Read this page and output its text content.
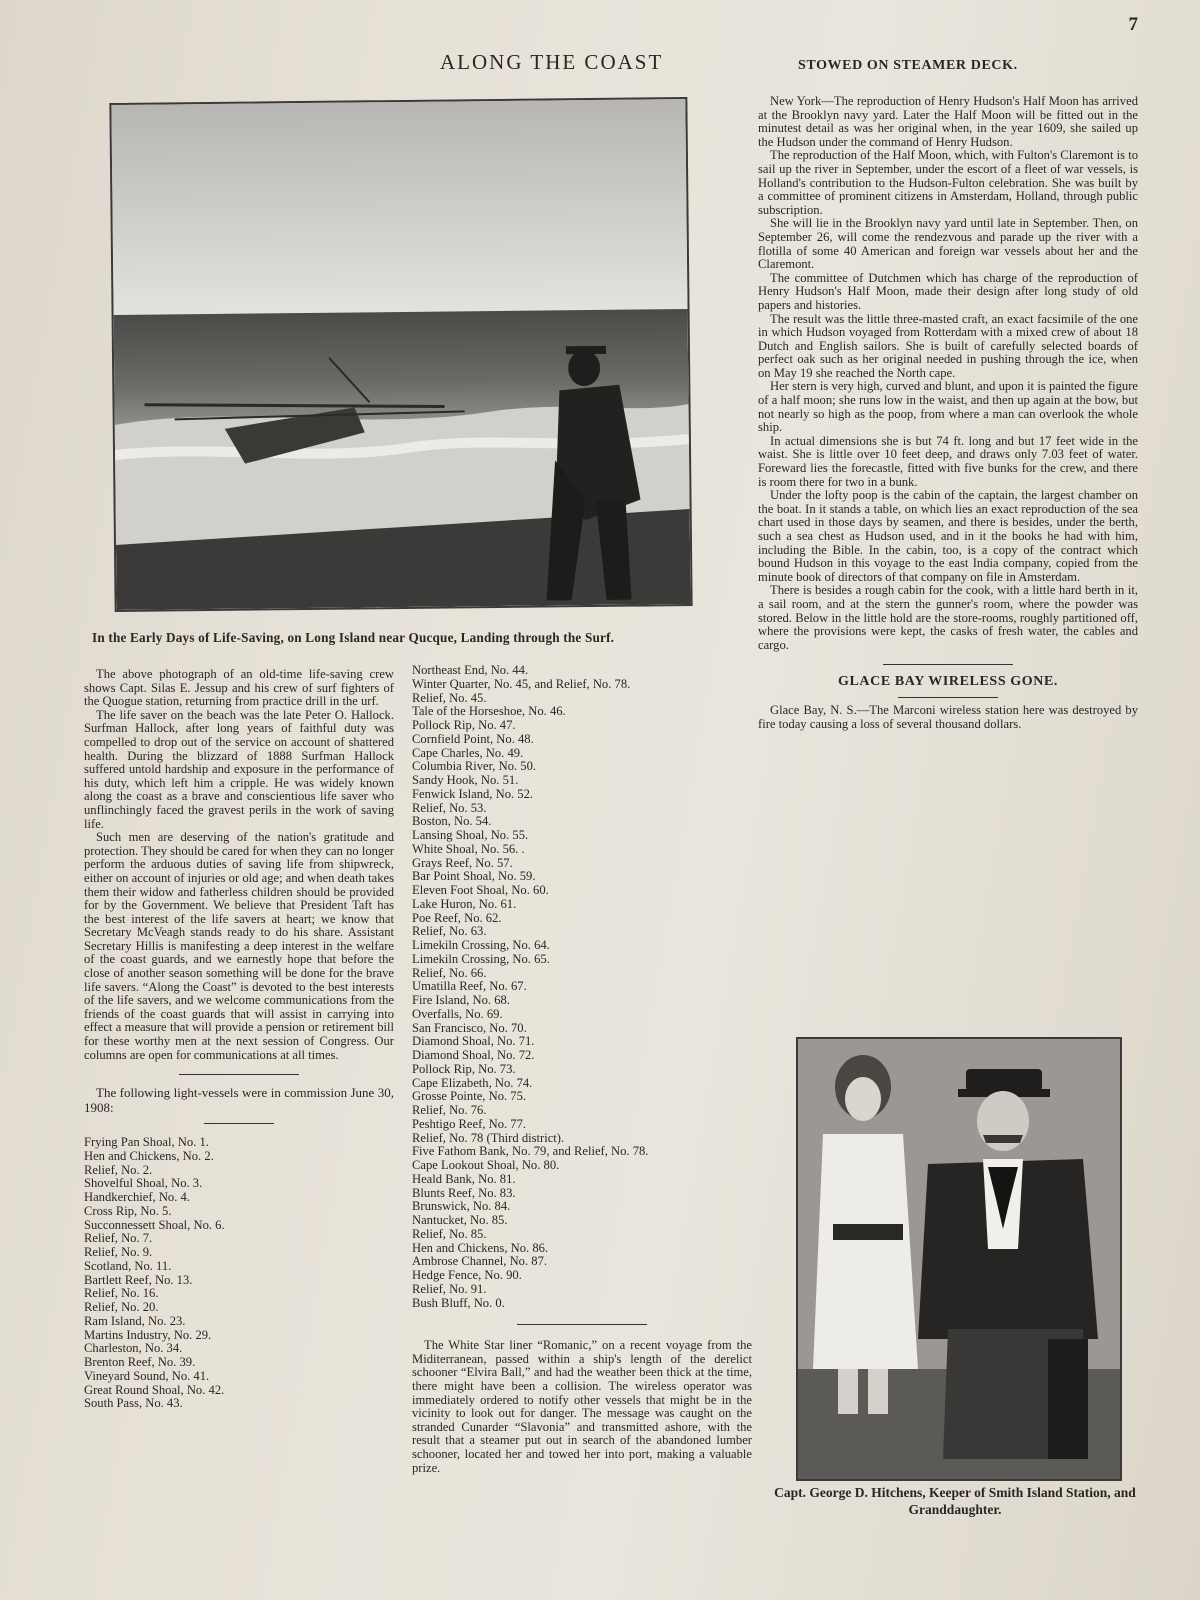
7
ALONG THE COAST
In the Early Days of Life-Saving, on Long Island near Qucque, Landing through the Surf.

The above photograph of an old-time life-saving crew shows Capt. Silas E. Jessup and his crew of surf fighters of the Quogue station, returning from practice drill in the urf.

The life saver on the beach was the late Peter O. Hallock. Surfman Hallock, after long years of faithful duty was compelled to drop out of the service on account of shattered health. During the blizzard of 1888 Surfman Hallock suffered untold hardship and exposure in the performance of his duty, which left him a cripple. He was widely known along the coast as a brave and conscientious life saver who unflinchingly faced the gravest perils in the work of saving life.

Such men are deserving of the nation's gratitude and protection. They should be cared for when they can no longer perform the arduous duties of saving life from shipwreck, either on account of injuries or old age; and when death takes them their widow and fatherless children should be provided for by the Government. We believe that President Taft has the best interest of the life savers at heart; we know that Secretary McVeagh stands ready to do his share. Assistant Secretary Hillis is manifesting a deep interest in the welfare of the coast guards, and we earnestly hope that before the close of another season something will be done for the brave life savers. “Along the Coast” is devoted to the best interests of the life savers, and we welcome communications from the friends of the coast guards that will assist in carrying into effect a measure that will provide a pension or retirement bill for these worthy men at the next session of Congress. Our columns are open for communications at all times.

The following light-vessels were in commission June 30, 1908:

Frying Pan Shoal, No. 1.
Hen and Chickens, No. 2.
Relief, No. 2.
Shovelful Shoal, No. 3.
Handkerchief, No. 4.
Cross Rip, No. 5.
Succonnessett Shoal, No. 6.
Relief, No. 7.
Relief, No. 9.
Scotland, No. 11.
Bartlett Reef, No. 13.
Relief, No. 16.
Relief, No. 20.
Ram Island, No. 23.
Martins Industry, No. 29.
Charleston, No. 34.
Brenton Reef, No. 39.
Vineyard Sound, No. 41.
Great Round Shoal, No. 42.
South Pass, No. 43.
Northeast End, No. 44.
Winter Quarter, No. 45, and Relief, No. 78.
Relief, No. 45.
Tale of the Horseshoe, No. 46.
Pollock Rip, No. 47.
Cornfield Point, No. 48.
Cape Charles, No. 49.
Columbia River, No. 50.
Sandy Hook, No. 51.
Fenwick Island, No. 52.
Relief, No. 53.
Boston, No. 54.
Lansing Shoal, No. 55.
White Shoal, No. 56. .
Grays Reef, No. 57.
Bar Point Shoal, No. 59.
Eleven Foot Shoal, No. 60.
Lake Huron, No. 61.
Poe Reef, No. 62.
Relief, No. 63.
Limekiln Crossing, No. 64.
Limekiln Crossing, No. 65.
Relief, No. 66.
Umatilla Reef, No. 67.
Fire Island, No. 68.
Overfalls, No. 69.
San Francisco, No. 70.
Diamond Shoal, No. 71.
Diamond Shoal, No. 72.
Pollock Rip, No. 73.
Cape Elizabeth, No. 74.
Grosse Pointe, No. 75.
Relief, No. 76.
Peshtigo Reef, No. 77.
Relief, No. 78 (Third district).
Five Fathom Bank, No. 79, and Relief, No. 78.
Cape Lookout Shoal, No. 80.
Heald Bank, No. 81.
Blunts Reef, No. 83.
Brunswick, No. 84.
Nantucket, No. 85.
Relief, No. 85.
Hen and Chickens, No. 86.
Ambrose Channel, No. 87.
Hedge Fence, No. 90.
Relief, No. 91.
Bush Bluff, No. 0.

The White Star liner “Romanic,” on a recent voyage from the Miditerranean, passed within a ship's length of the derelict schooner “Elvira Ball,” and had the weather been thick at the time, there might have been a collision. The wireless operator was immediately ordered to notify other vessels that might be in the vicinity to look out for danger. The message was caught on the stranded Cunarder “Slavonia” and transmitted ashore, with the result that a steamer put out in search of the abandoned lumber schooner, located her and towed her into port, making a valuable prize.

STOWED ON STEAMER DECK.

New York—The reproduction of Henry Hudson's Half Moon has arrived at the Brooklyn navy yard. Later the Half Moon will be fitted out in the minutest detail as was her original when, in the year 1609, she sailed up the Hudson under the command of Henry Hudson.

The reproduction of the Half Moon, which, with Fulton's Claremont is to sail up the river in September, under the escort of a fleet of war vessels, is Holland's contribution to the Hudson-Fulton celebration. She was built by a committee of prominent citizens in Amsterdam, Holland, through public subscription.

She will lie in the Brooklyn navy yard until late in September. Then, on September 26, will come the rendezvous and parade up the river with a flotilla of some 40 American and foreign war vessels about her and the Claremont.

The committee of Dutchmen which has charge of the reproduction of Henry Hudson's Half Moon, made their design after long study of old papers and histories.

The result was the little three-masted craft, an exact facsimile of the one in which Hudson voyaged from Rotterdam with a mixed crew of about 18 Dutch and English sailors. She is built of carefully selected boards of perfect oak such as her original needed in pushing through the ice, when on May 19 she reached the North cape.

Her stern is very high, curved and blunt, and upon it is painted the figure of a half moon; she runs low in the waist, and then up again at the bow, but not nearly so high as the poop, from where a man can overlook the whole ship.

In actual dimensions she is but 74 ft. long and but 17 feet wide in the waist. She is little over 10 feet deep, and draws only 7.03 feet of water. Foreward lies the forecastle, fitted with five bunks for the crew, and there is room there for two in a bunk.

Under the lofty poop is the cabin of the captain, the largest chamber on the boat. In it stands a table, on which lies an exact reproduction of the sea chart used in those days by seamen, and there is besides, under the berth, such a sea chest as Hudson used, and in it the books he had with him, including the Bible. In the cabin, too, is a copy of the contract which bound Hudson in this voyage to the east India company, copied from the minute book of directors of that company on file in Amsterdam.

There is besides a rough cabin for the cook, with a little hard berth in it, a sail room, and at the stern the gunner's room, where the powder was stored. Below in the little hold are the store-rooms, roughly partitioned off, where the provisions were kept, the casks of fresh water, the cables and cargo.

GLACE BAY WIRELESS GONE.

Glace Bay, N. S.—The Marconi wireless station here was destroyed by fire today causing a loss of several thousand dollars.

Capt. George D. Hitchens, Keeper of Smith Island Station, and Granddaughter.
